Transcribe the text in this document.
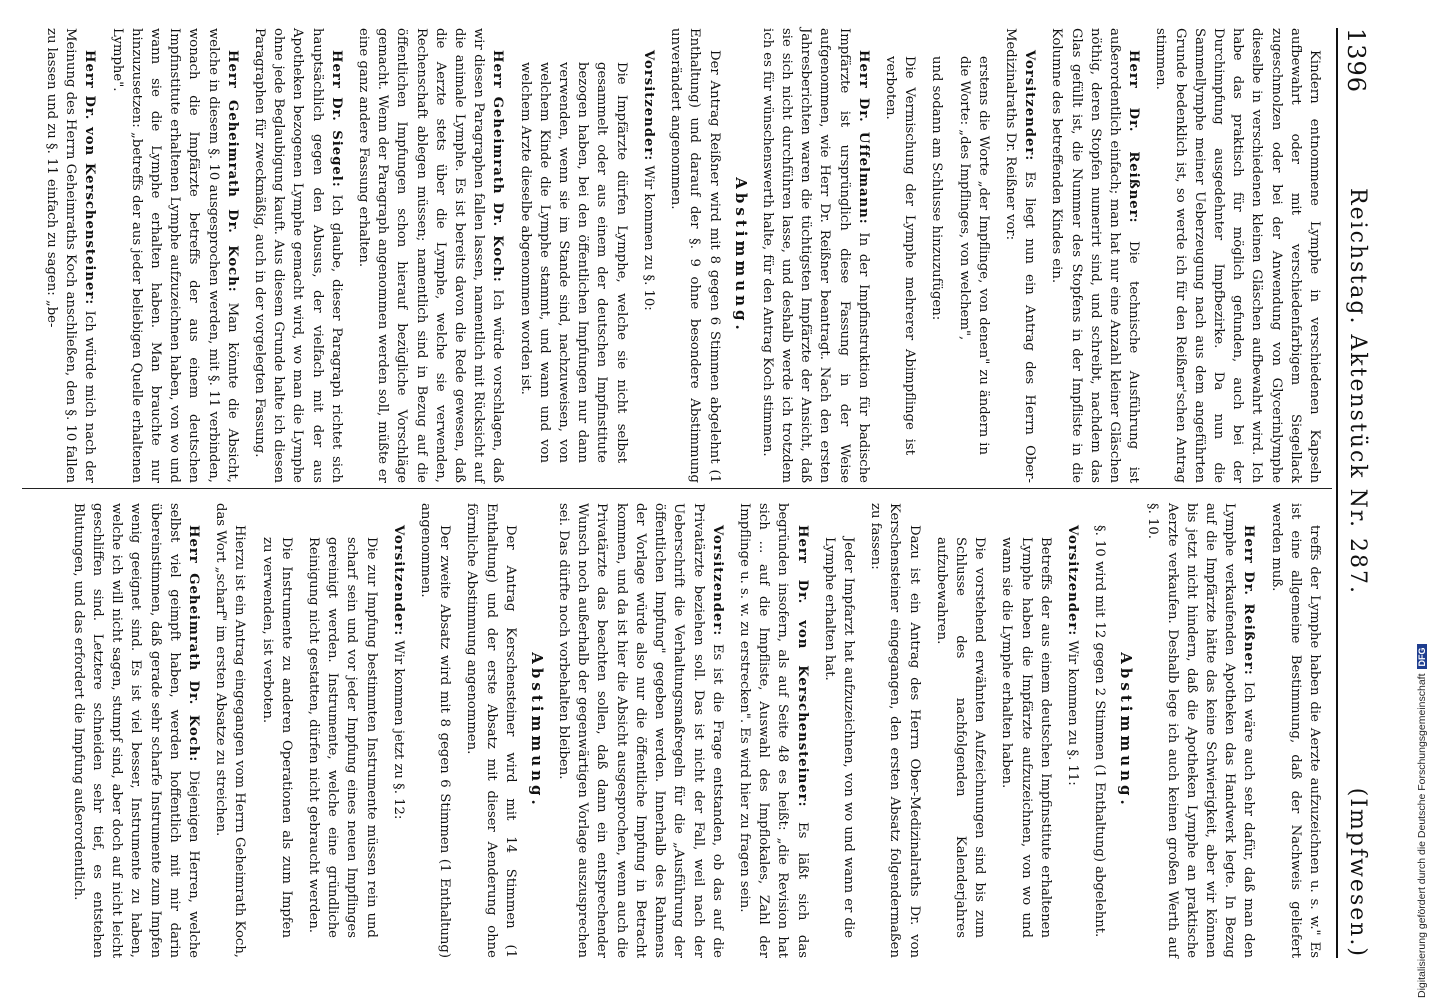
1396
Reichstag. Aktenstück Nr. 287.
(Impfwesen.)

Kindern entnommene Lymphe in verschiedenen Kapseln aufbewahrt oder mit verschiedenfarbigem Siegellack zugeschmolzen oder bei der Anwendung von Glycerinlymphe dieselbe in verschiedenen kleinen Gläschen aufbewahrt wird. Ich habe das praktisch für möglich gefunden, auch bei der Durchimpfung ausgedehnter Impfbezirke. Da nun die Sammellymphe meiner Ueberzeugung nach aus dem angeführten Grunde bedenklich ist, so werde ich für den Reißner'schen Antrag stimmen.

Herr Dr. Reißner: Die technische Ausführung ist außerordentlich einfach; man hat nur eine Anzahl kleiner Gläschen nöthig, deren Stopfen numerirt sind, und schreibt, nachdem das Glas gefüllt ist, die Nummer des Stopfens in der Impfliste in die Kolumne des betreffenden Kindes ein.

Vorsitzender: Es liegt nun ein Antrag des Herrn Ober-Medizinalraths Dr. Reißner vor:

erstens die Worte „der Impflinge, von denen" zu ändern in die Worte: „des Impflinges, von welchem",

und sodann am Schlusse hinzuzufügen:

Die Vermischung der Lymphe mehrerer Abimpflinge ist verboten.

Herr Dr. Uffelmann: In der Impfinstruktion für badische Impfärzte ist ursprünglich diese Fassung in der Weise aufgenommen, wie Herr Dr. Reißner beantragt. Nach den ersten Jahresberichten waren die tüchtigsten Impfärzte der Ansicht, daß sie sich nicht durchführen lasse, und deshalb werde ich trotzdem ich es für wünschenswerth halte, für den Antrag Koch stimmen.

Abstimmung.

Der Antrag Reißner wird mit 8 gegen 6 Stimmen abgelehnt (1 Enthaltung) und darauf der §. 9 ohne besondere Abstimmung unverändert angenommen.

Vorsitzender: Wir kommen zu §. 10:

Die Impfärzte dürfen Lymphe, welche sie nicht selbst gesammelt oder aus einem der deutschen Impfinstitute bezogen haben, bei den öffentlichen Impfungen nur dann verwenden, wenn sie im Stande sind, nachzuweisen, von welchem Kinde die Lymphe stammt, und wann und von welchem Arzte dieselbe abgenommen worden ist.

Herr Geheimrath Dr. Koch: Ich würde vorschlagen, daß wir diesen Paragraphen fallen lassen, namentlich mit Rücksicht auf die animale Lymphe. Es ist bereits davon die Rede gewesen, daß die Aerzte stets über die Lymphe, welche sie verwenden, Rechenschaft ablegen müssen; namentlich sind in Bezug auf die öffentlichen Impfungen schon hierauf bezügliche Vorschläge gemacht. Wenn der Paragraph angenommen werden soll, müßte er eine ganz andere Fassung erhalten.

Herr Dr. Siegel: Ich glaube, dieser Paragraph richtet sich hauptsächlich gegen den Abusus, der vielfach mit der aus Apotheken bezogenen Lymphe gemacht wird, wo man die Lymphe ohne jede Beglaubigung kauft. Aus diesem Grunde halte ich diesen Paragraphen für zweckmäßig, auch in der vorgelegten Fassung.

Herr Geheimrath Dr. Koch: Man könnte die Absicht, welche in diesem §. 10 ausgesprochen werden, mit §. 11 verbinden, wonach die Impfärzte betreffs der aus einem deutschen Impfinstitute erhaltenen Lymphe aufzuzeichnen haben, von wo und wann sie die Lymphe erhalten haben. Man brauchte nur hinzuzusetzen: „betreffs der aus jeder beliebigen Quelle erhaltenen Lymphe".

Herr Dr. von Kerschensteiner: Ich würde mich nach der Meinung des Herrn Geheimraths Koch anschließen, den §. 10 fallen zu lassen und zu §. 11 einfach zu sagen: „be-

treffs der Lymphe haben die Aerzte aufzuzeichnen u. s. w." Es ist eine allgemeine Bestimmung, daß der Nachweis geliefert werden muß.

Herr Dr. Reißner: Ich wäre auch sehr dafür, daß man den Lymphe verkaufenden Apotheken das Handwerk legte. In Bezug auf die Impfärzte hätte das keine Schwierigkeit, aber wir können bis jetzt nicht hindern, daß die Apotheken Lymphe an praktische Aerzte verkaufen. Deshalb lege ich auch keinen großen Werth auf §. 10.

Abstimmung.

§. 10 wird mit 12 gegen 2 Stimmen (1 Enthaltung) abgelehnt.

Vorsitzender: Wir kommen zu §. 11:

Betreffs der aus einem deutschen Impfinstitute erhaltenen Lymphe haben die Impfärzte aufzuzeichnen, von wo und wann sie die Lymphe erhalten haben.

Die vorstehend erwähnten Aufzeichnungen sind bis zum Schlusse des nachfolgenden Kalenderjahres aufzubewahren.

Dazu ist ein Antrag des Herrn Ober-Medizinalraths Dr. von Kerschensteiner eingegangen, den ersten Absatz folgendermaßen zu fassen:

Jeder Impfarzt hat aufzuzeichnen, von wo und wann er die Lymphe erhalten hat.

Herr Dr. von Kerschensteiner: Es läßt sich das begründen insofern, als auf Seite 48 es heißt: „die Revision hat sich ... auf die Impfliste, Auswahl des Impflokales, Zahl der Impflinge u. s. w. zu erstrecken". Es wird hier zu fragen sein.

Vorsitzender: Es ist die Frage entstanden, ob das auf die Privatärzte beziehen soll. Das ist nicht der Fall, weil nach der Ueberschrift die Verhaltungsmaßregeln für die „Ausführung der öffentlichen Impfung" gegeben werden. Innerhalb des Rahmens der Vorlage würde also nur die öffentliche Impfung in Betracht kommen, und da ist hier die Absicht ausgesprochen, wenn auch die Privatärzte das beachten sollen, daß dann ein entsprechender Wunsch noch außerhalb der gegenwärtigen Vorlage auszusprechen sei. Das dürfte noch vorbehalten bleiben.

Abstimmung.

Der Antrag Kerschensteiner wird mit 14 Stimmen (1 Enthaltung) und der erste Absatz mit dieser Aenderung ohne förmliche Abstimmung angenommen.

Der zweite Absatz wird mit 8 gegen 6 Stimmen (1 Enthaltung) angenommen.

Vorsitzender: Wir kommen jetzt zu §. 12:

Die zur Impfung bestimmten Instrumente müssen rein und scharf sein und vor jeder Impfung eines neuen Impflinges gereinigt werden. Instrumente, welche eine gründliche Reinigung nicht gestatten, dürfen nicht gebraucht werden.

Die Instrumente zu anderen Operationen als zum Impfen zu verwenden, ist verboten.

Hierzu ist ein Antrag eingegangen vom Herrn Geheimrath Koch, das Wort „scharf" im ersten Absatze zu streichen.

Herr Geheimrath Dr. Koch: Diejenigen Herren, welche selbst viel geimpft haben, werden hoffentlich mit mir darin übereinstimmen, daß gerade sehr scharfe Instrumente zum Impfen wenig geeignet sind. Es ist viel besser, Instrumente zu haben, welche ich will nicht sagen, stumpf sind, aber doch auf nicht leicht geschliffen sind. Letztere schneiden sehr tief, es entstehen Blutungen, und das erfordert die Impfung außerordentlich.	Digitalisierung gefördert durch die Deutsche ForschungsgemeinschaftDFG
